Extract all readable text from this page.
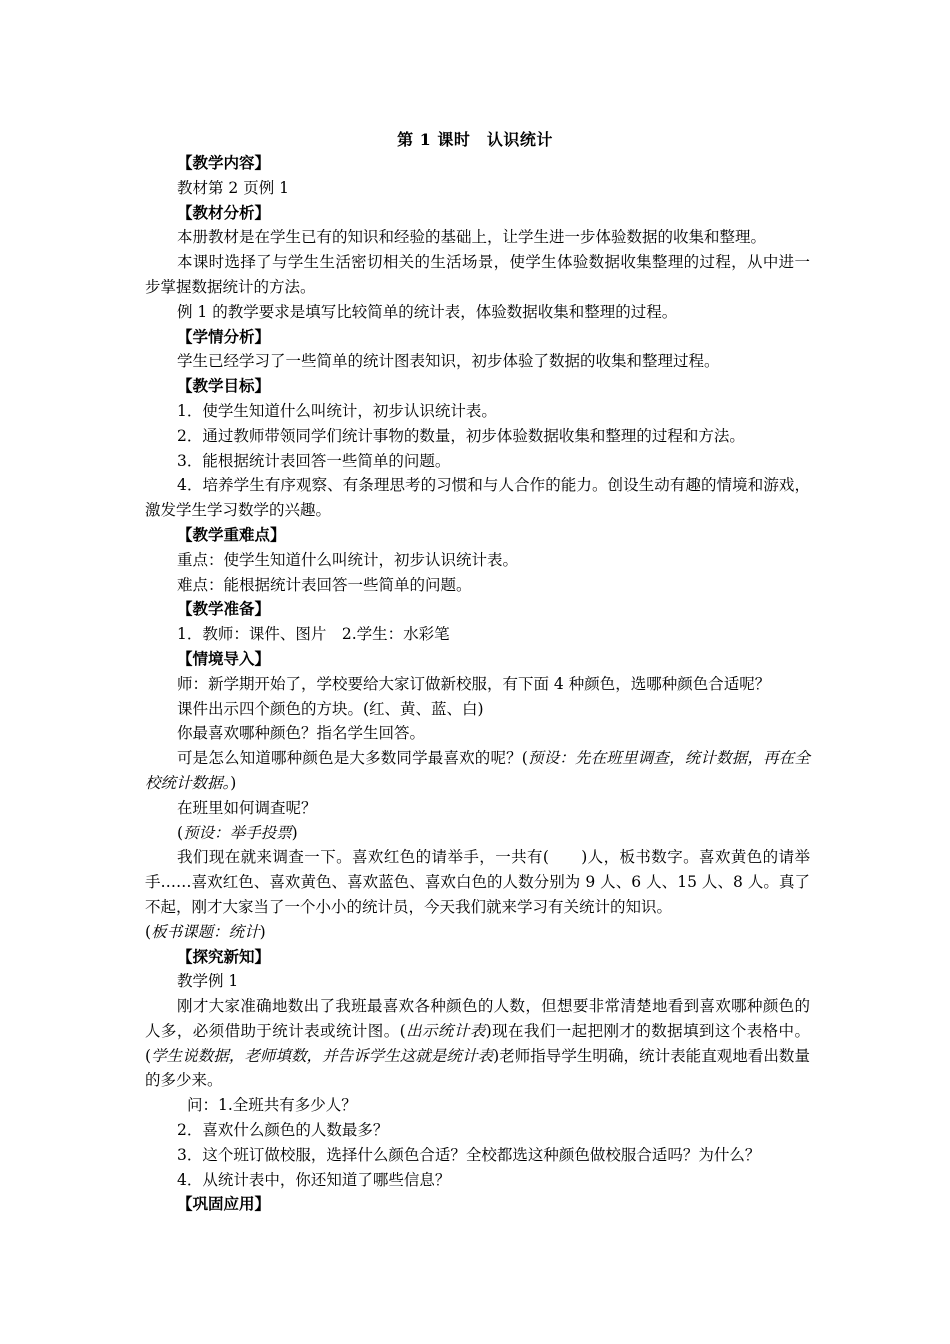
第 1 课时　认识统计

【教学内容】

教材第 2 页例 1

【教材分析】

本册教材是在学生已有的知识和经验的基础上，让学生进一步体验数据的收集和整理。

本课时选择了与学生生活密切相关的生活场景，使学生体验数据收集整理的过程，从中进一步掌握数据统计的方法。

例 1 的教学要求是填写比较简单的统计表，体验数据收集和整理的过程。

【学情分析】

学生已经学习了一些简单的统计图表知识，初步体验了数据的收集和整理过程。

【教学目标】

1．使学生知道什么叫统计，初步认识统计表。

2．通过教师带领同学们统计事物的数量，初步体验数据收集和整理的过程和方法。

3．能根据统计表回答一些简单的问题。

4．培养学生有序观察、有条理思考的习惯和与人合作的能力。创设生动有趣的情境和游戏，激发学生学习数学的兴趣。

【教学重难点】

重点：使学生知道什么叫统计，初步认识统计表。

难点：能根据统计表回答一些简单的问题。

【教学准备】

1．教师：课件、图片　2.学生：水彩笔

【情境导入】

师：新学期开始了，学校要给大家订做新校服，有下面 4 种颜色，选哪种颜色合适呢？

课件出示四个颜色的方块。(红、黄、蓝、白)

你最喜欢哪种颜色？指名学生回答。

可是怎么知道哪种颜色是大多数同学最喜欢的呢？(预设：先在班里调查，统计数据，再在全校统计数据。)

在班里如何调查呢？

(预设：举手投票)

我们现在就来调查一下。喜欢红色的请举手，一共有(　　)人，板书数字。喜欢黄色的请举手……喜欢红色、喜欢黄色、喜欢蓝色、喜欢白色的人数分别为 9 人、6 人、15 人、8 人。真了不起，刚才大家当了一个小小的统计员，今天我们就来学习有关统计的知识。

(板书课题：统计)

【探究新知】

教学例 1

刚才大家准确地数出了我班最喜欢各种颜色的人数，但想要非常清楚地看到喜欢哪种颜色的人多，必须借助于统计表或统计图。(出示统计表)现在我们一起把刚才的数据填到这个表格中。(学生说数据，老师填数，并告诉学生这就是统计表)老师指导学生明确，统计表能直观地看出数量的多少来。

问：1.全班共有多少人？

2．喜欢什么颜色的人数最多？

3．这个班订做校服，选择什么颜色合适？全校都选这种颜色做校服合适吗？为什么？

4．从统计表中，你还知道了哪些信息？

【巩固应用】
